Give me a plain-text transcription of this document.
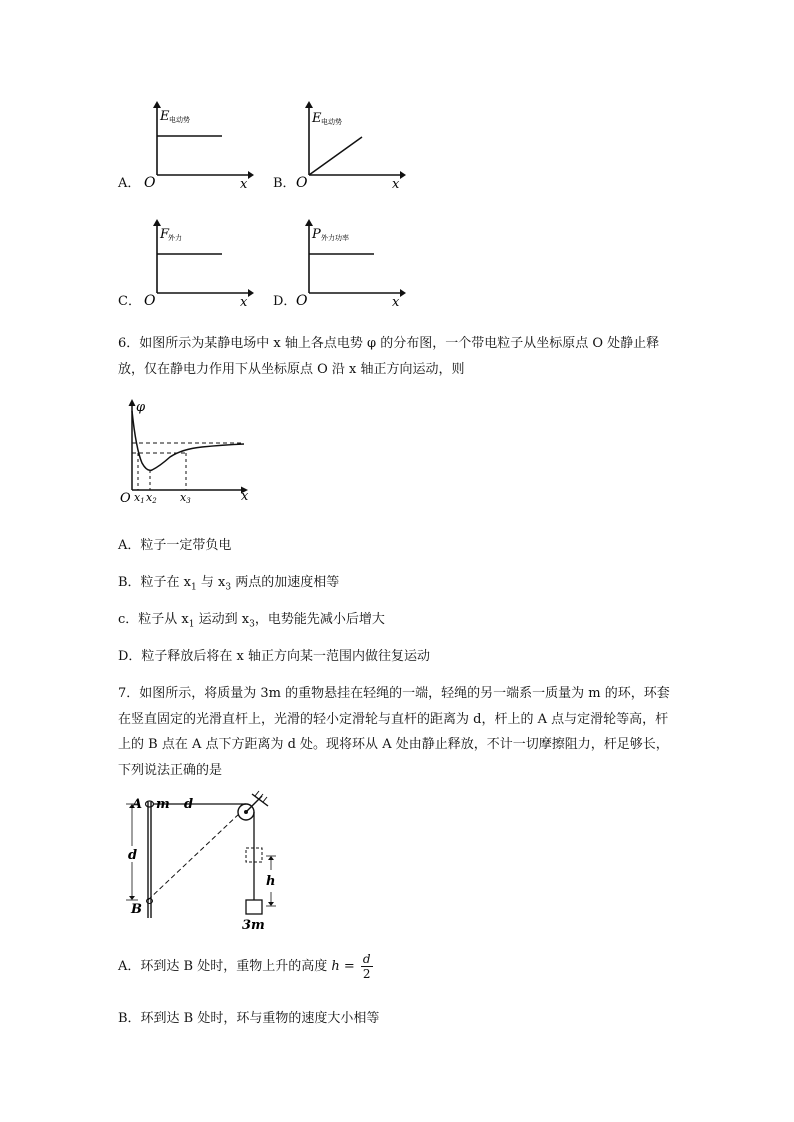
A．
E 电动势
O	x B．
E 电动势
O	x
C．
F
外力
O	x D．
P 外力功率
O	x
6．如图所示为某静电场中 x 轴上各点电势 φ 的分布图，一个带电粒子从坐标原点 O 处静止释放，仅在静电力作用下从坐标原点 O 沿 x 轴正方向运动，则
φ
O	x
x1 x2 x3
A．粒子一定带负电
B．粒子在 $x_1$ 与 $x_3$ 两点的加速度相等
c．粒子从 $x_1$ 运动到 $x_3$，电势能先减小后增大
D．粒子释放后将在 x 轴正方向某一范围内做往复运动
7．如图所示，将质量为 3m 的重物悬挂在轻绳的一端，轻绳的另一端系一质量为 m 的环，环套在竖直固定的光滑直杆上，光滑的轻小定滑轮与直杆的距离为 d，杆上的 A 点与定滑轮等高，杆上的 B 点在 A 点下方距离为 d 处。现将环从 A 处由静止释放，不计一切摩擦阻力，杆足够长，下列说法正确的是
A m d
d
B
h
3m
A．环到达 B 处时，重物上升的高度 $h = \frac{d}{2}$
B．环到达 B 处时，环与重物的速度大小相等
